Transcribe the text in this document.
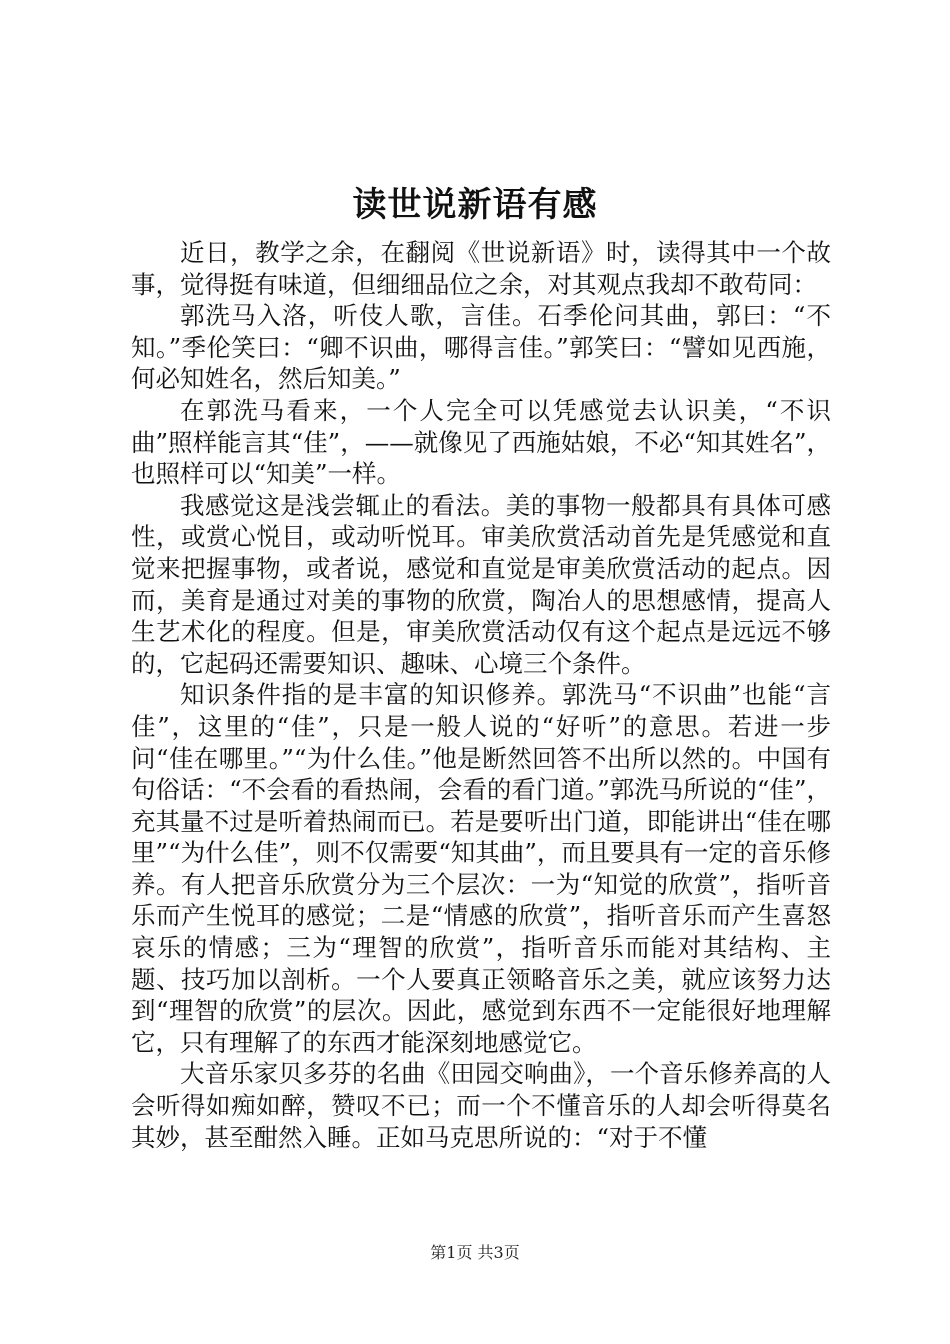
读世说新语有感

近日，教学之余，在翻阅《世说新语》时，读得其中一个故事，觉得挺有味道，但细细品位之余，对其观点我却不敢苟同：

郭洗马入洛，听伎人歌，言佳。石季伦问其曲，郭曰：“不知。”季伦笑曰：“卿不识曲，哪得言佳。”郭笑曰：“譬如见西施，何必知姓名，然后知美。”

在郭洗马看来，一个人完全可以凭感觉去认识美，“不识曲”照样能言其“佳”，——就像见了西施姑娘，不必“知其姓名”，也照样可以“知美”一样。

我感觉这是浅尝辄止的看法。美的事物一般都具有具体可感性，或赏心悦目，或动听悦耳。审美欣赏活动首先是凭感觉和直觉来把握事物，或者说，感觉和直觉是审美欣赏活动的起点。因而，美育是通过对美的事物的欣赏，陶冶人的思想感情，提高人生艺术化的程度。但是，审美欣赏活动仅有这个起点是远远不够的，它起码还需要知识、趣味、心境三个条件。

知识条件指的是丰富的知识修养。郭洗马“不识曲”也能“言佳”，这里的“佳”，只是一般人说的“好听”的意思。若进一步问“佳在哪里。”“为什么佳。”他是断然回答不出所以然的。中国有句俗话：“不会看的看热闹，会看的看门道。”郭洗马所说的“佳”，充其量不过是听着热闹而已。若是要听出门道，即能讲出“佳在哪里”“为什么佳”，则不仅需要“知其曲”，而且要具有一定的音乐修养。有人把音乐欣赏分为三个层次：一为“知觉的欣赏”，指听音乐而产生悦耳的感觉；二是“情感的欣赏”，指听音乐而产生喜怒哀乐的情感；三为“理智的欣赏”，指听音乐而能对其结构、主题、技巧加以剖析。一个人要真正领略音乐之美，就应该努力达到“理智的欣赏”的层次。因此，感觉到东西不一定能很好地理解它，只有理解了的东西才能深刻地感觉它。

大音乐家贝多芬的名曲《田园交响曲》，一个音乐修养高的人会听得如痴如醉，赞叹不已；而一个不懂音乐的人却会听得莫名其妙，甚至酣然入睡。正如马克思所说的：“对于不懂

第1页 共3页
